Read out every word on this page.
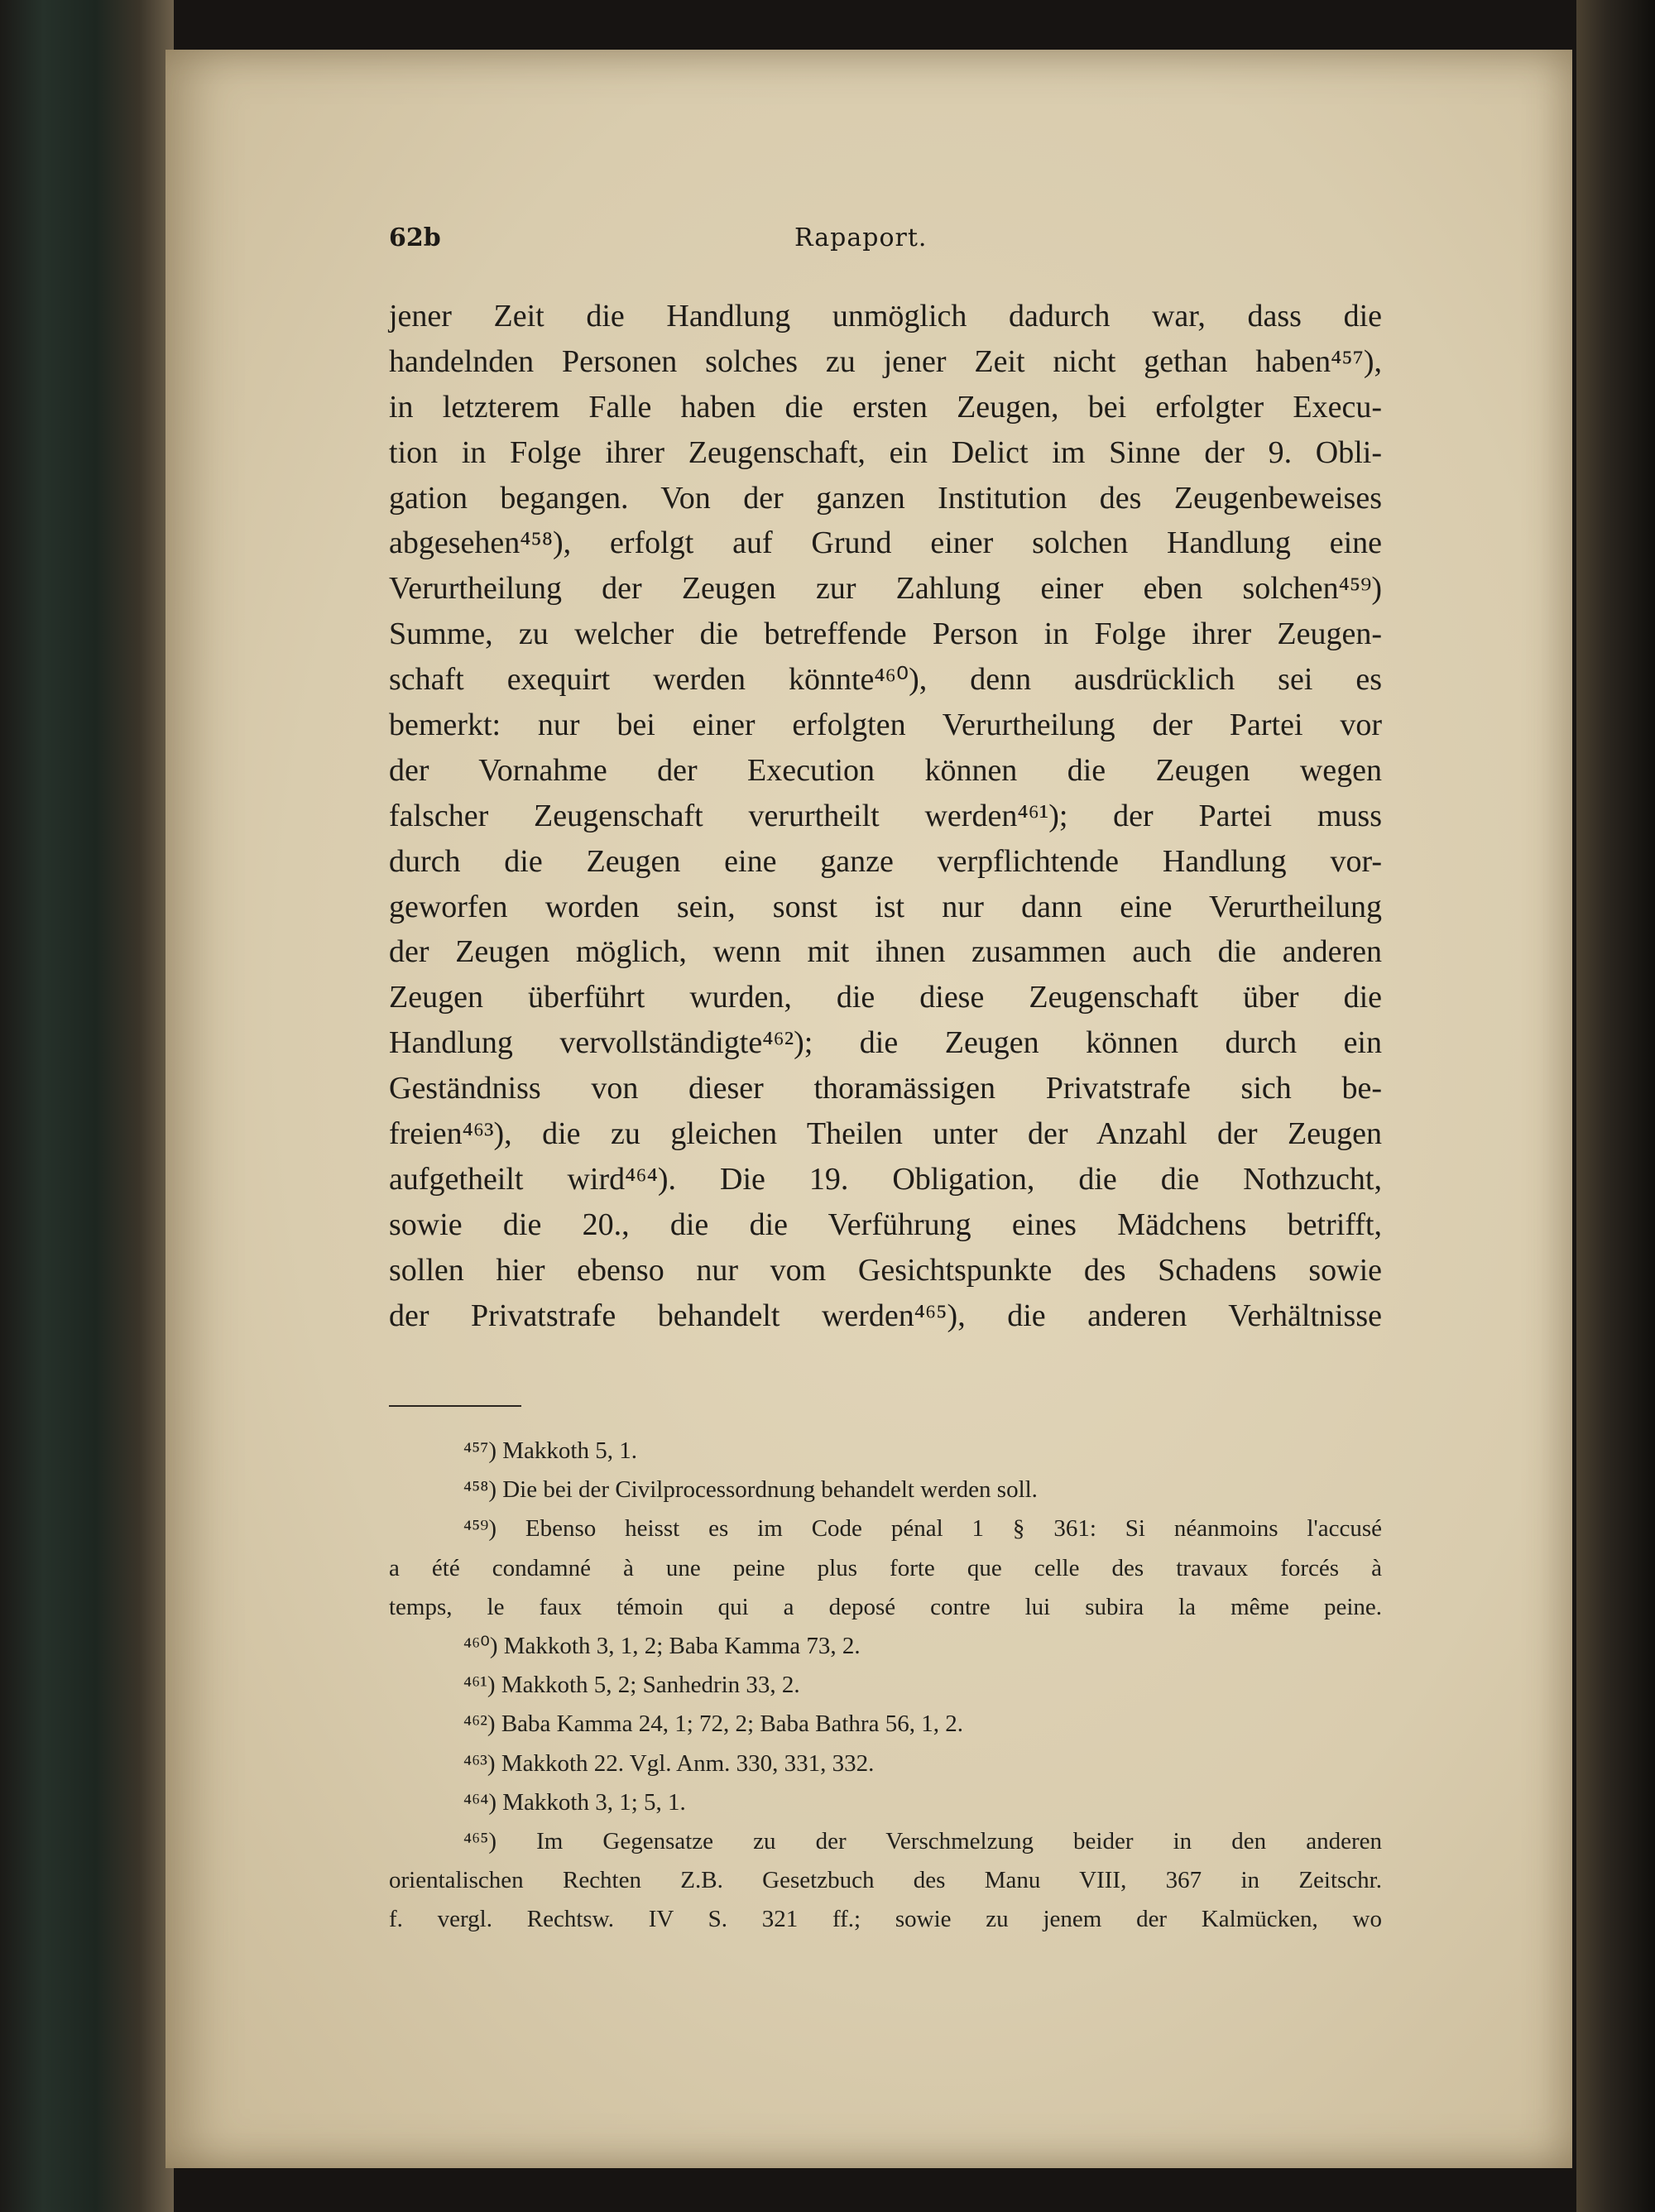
62b	Rapaport.
jener Zeit die Handlung unmöglich dadurch war, dass die
handelnden Personen solches zu jener Zeit nicht gethan haben⁴⁵⁷),
in letzterem Falle haben die ersten Zeugen, bei erfolgter Execu-
tion in Folge ihrer Zeugenschaft, ein Delict im Sinne der 9. Obli-
gation begangen. Von der ganzen Institution des Zeugenbeweises
abgesehen⁴⁵⁸), erfolgt auf Grund einer solchen Handlung eine
Verurtheilung der Zeugen zur Zahlung einer eben solchen⁴⁵⁹)
Summe, zu welcher die betreffende Person in Folge ihrer Zeugen-
schaft exequirt werden könnte⁴⁶⁰), denn ausdrücklich sei es
bemerkt: nur bei einer erfolgten Verurtheilung der Partei vor
der Vornahme der Execution können die Zeugen wegen
falscher Zeugenschaft verurtheilt werden⁴⁶¹); der Partei muss
durch die Zeugen eine ganze verpflichtende Handlung vor-
geworfen worden sein, sonst ist nur dann eine Verurtheilung
der Zeugen möglich, wenn mit ihnen zusammen auch die anderen
Zeugen überführt wurden, die diese Zeugenschaft über die
Handlung vervollständigte⁴⁶²); die Zeugen können durch ein
Geständniss von dieser thoramässigen Privatstrafe sich be-
freien⁴⁶³), die zu gleichen Theilen unter der Anzahl der Zeugen
aufgetheilt wird⁴⁶⁴). Die 19. Obligation, die die Nothzucht,
sowie die 20., die die Verführung eines Mädchens betrifft,
sollen hier ebenso nur vom Gesichtspunkte des Schadens sowie
der Privatstrafe behandelt werden⁴⁶⁵), die anderen Verhältnisse
⁴⁵⁷) Makkoth 5, 1.
⁴⁵⁸) Die bei der Civilprocessordnung behandelt werden soll.
⁴⁵⁹) Ebenso heisst es im Code pénal 1 § 361: Si néanmoins l'accusé
a été condamné à une peine plus forte que celle des travaux forcés à
temps, le faux témoin qui a deposé contre lui subira la même peine.
⁴⁶⁰) Makkoth 3, 1, 2; Baba Kamma 73, 2.
⁴⁶¹) Makkoth 5, 2; Sanhedrin 33, 2.
⁴⁶²) Baba Kamma 24, 1; 72, 2; Baba Bathra 56, 1, 2.
⁴⁶³) Makkoth 22. Vgl. Anm. 330, 331, 332.
⁴⁶⁴) Makkoth 3, 1; 5, 1.
⁴⁶⁵) Im Gegensatze zu der Verschmelzung beider in den anderen
orientalischen Rechten Z.B. Gesetzbuch des Manu VIII, 367 in Zeitschr.
f. vergl. Rechtsw. IV S. 321 ff.; sowie zu jenem der Kalmücken, wo
